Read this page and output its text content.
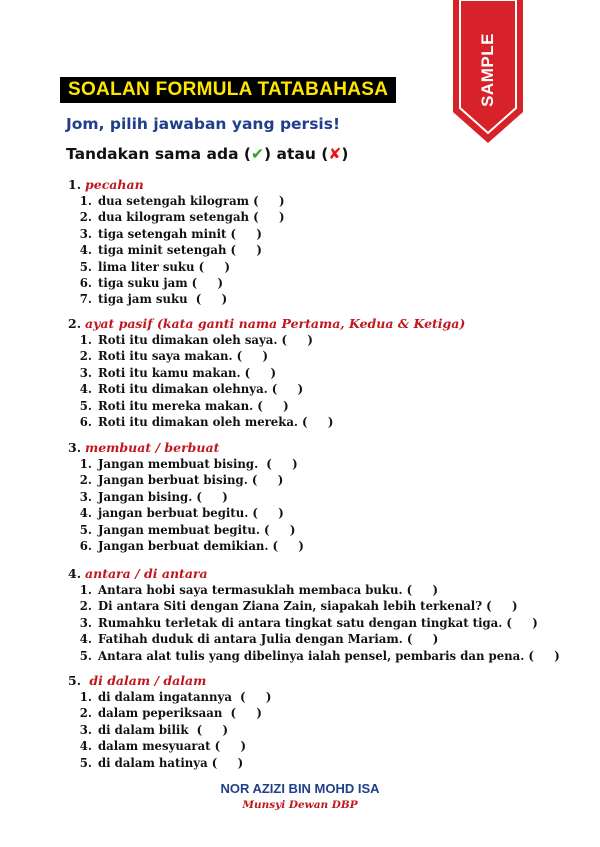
SAMPLE
SOALAN FORMULA TATABAHASA
Jom, pilih jawaban yang persis!
Tandakan sama ada (✔) atau (✘)
1. pecahan
1. dua setengah kilogram (     )
2. dua kilogram setengah (     )
3. tiga setengah minit (     )
4. tiga minit setengah (     )
5. lima liter suku (     )
6. tiga suku jam (     )
7. tiga jam suku  (     )
2. ayat pasif (kata ganti nama Pertama, Kedua & Ketiga)
1. Roti itu dimakan oleh saya. (     )
2. Roti itu saya makan. (     )
3. Roti itu kamu makan. (     )
4. Roti itu dimakan olehnya. (     )
5. Roti itu mereka makan. (     )
6. Roti itu dimakan oleh mereka. (     )
3. membuat / berbuat
1. Jangan membuat bising.  (     )
2. Jangan berbuat bising. (     )
3. Jangan bising. (     )
4. jangan berbuat begitu. (     )
5. Jangan membuat begitu. (     )
6. Jangan berbuat demikian. (     )
4. antara / di antara
1. Antara hobi saya termasuklah membaca buku. (     )
2. Di antara Siti dengan Ziana Zain, siapakah lebih terkenal? (     )
3. Rumahku terletak di antara tingkat satu dengan tingkat tiga. (     )
4. Fatihah duduk di antara Julia dengan Mariam. (     )
5. Antara alat tulis yang dibelinya ialah pensel, pembaris dan pena. (     )
5. di dalam / dalam
1. di dalam ingatannya  (     )
2. dalam peperiksaan  (     )
3. di dalam bilik  (     )
4. dalam mesyuarat (     )
5. di dalam hatinya (     )
NOR AZIZI BIN MOHD ISA
Munsyi Dewan DBP
